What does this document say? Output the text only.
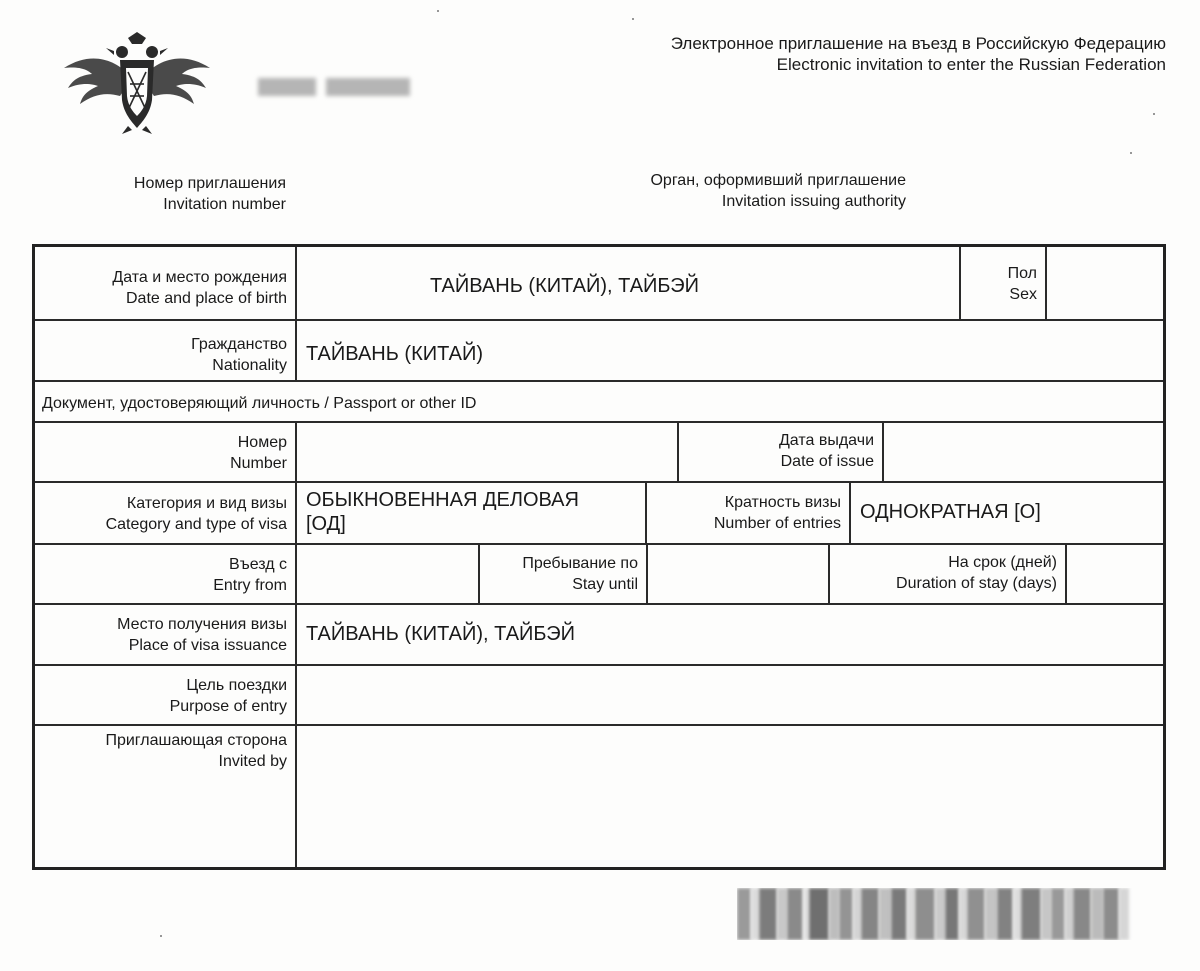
Электронное приглашение на въезд в Российскую Федерацию
Electronic invitation to enter the Russian Federation
Номер приглашения
Invitation number
Орган, оформивший приглашение
Invitation issuing authority
Дата и место рождения
Date and place of birth
ТАЙВАНЬ (КИТАЙ), ТАЙБЭЙ
Пол
Sex
Гражданство
Nationality
ТАЙВАНЬ (КИТАЙ)
Документ, удостоверяющий личность / Passport or other ID
Номер
Number
Дата выдачи
Date of issue
Категория и вид визы
Category and type of visa
ОБЫКНОВЕННАЯ ДЕЛОВАЯ
[ОД]
Кратность визы
Number of entries
ОДНОКРАТНАЯ [О]
Въезд с
Entry from
Пребывание по
Stay until
На срок (дней)
Duration of stay (days)
Место получения визы
Place of visa issuance
ТАЙВАНЬ (КИТАЙ), ТАЙБЭЙ
Цель поездки
Purpose of entry
Приглашающая сторона
Invited by
